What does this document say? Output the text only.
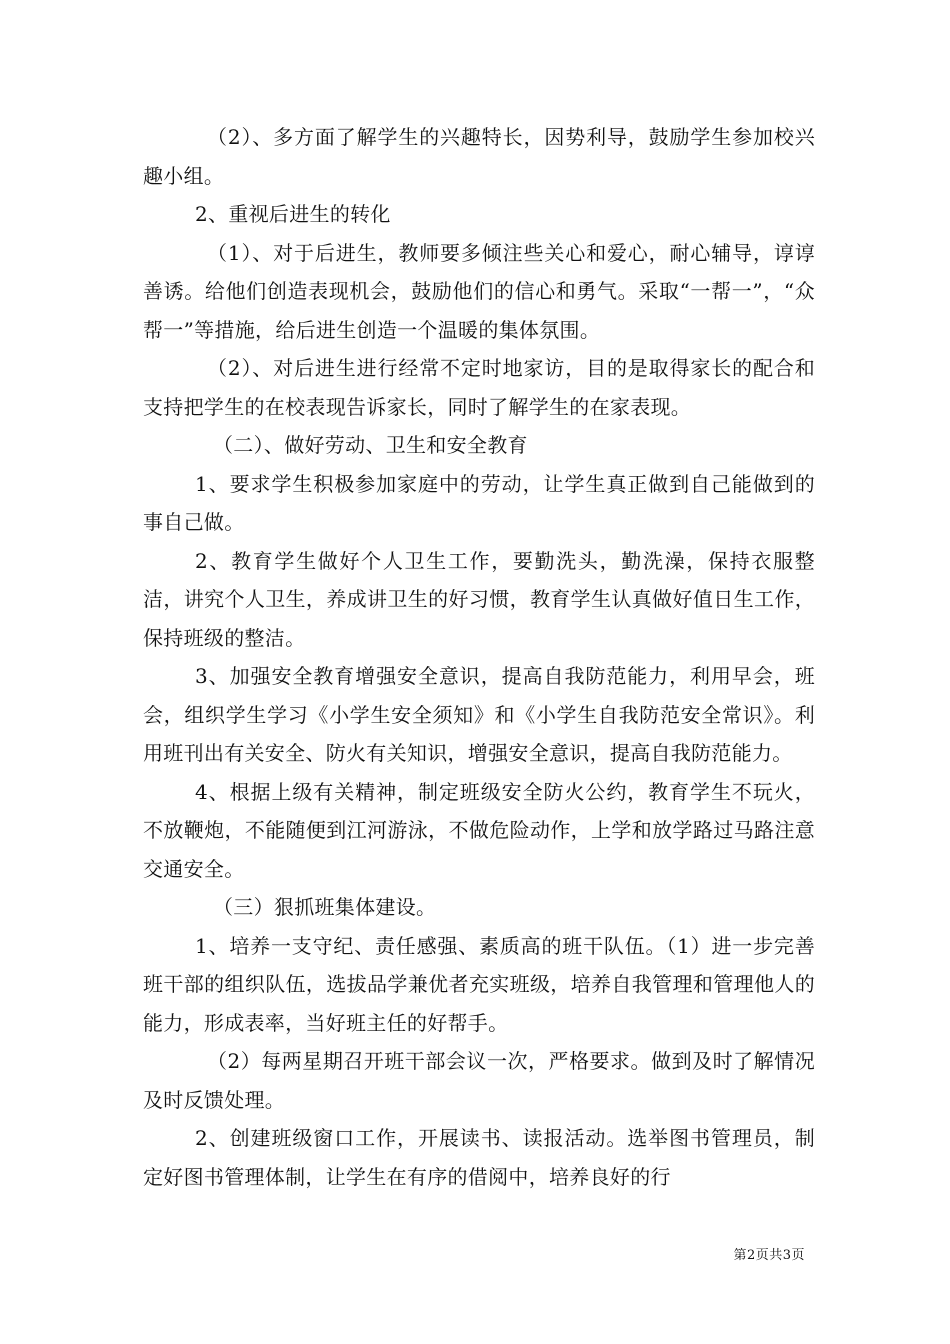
（2）、多方面了解学生的兴趣特长，因势利导，鼓励学生参加校兴趣小组。

2、重视后进生的转化

（1）、对于后进生，教师要多倾注些关心和爱心，耐心辅导，谆谆善诱。给他们创造表现机会，鼓励他们的信心和勇气。采取“一帮一”，“众帮一”等措施，给后进生创造一个温暖的集体氛围。

（2）、对后进生进行经常不定时地家访，目的是取得家长的配合和支持把学生的在校表现告诉家长，同时了解学生的在家表现。

（二）、做好劳动、卫生和安全教育

1、要求学生积极参加家庭中的劳动，让学生真正做到自己能做到的事自己做。

2、教育学生做好个人卫生工作，要勤洗头，勤洗澡，保持衣服整洁，讲究个人卫生，养成讲卫生的好习惯，教育学生认真做好值日生工作，保持班级的整洁。

3、加强安全教育增强安全意识，提高自我防范能力，利用早会，班会，组织学生学习《小学生安全须知》和《小学生自我防范安全常识》。利用班刊出有关安全、防火有关知识，增强安全意识，提高自我防范能力。

4、根据上级有关精神，制定班级安全防火公约，教育学生不玩火，不放鞭炮，不能随便到江河游泳，不做危险动作，上学和放学路过马路注意交通安全。

（三）狠抓班集体建设。

1、培养一支守纪、责任感强、素质高的班干队伍。（1）进一步完善班干部的组织队伍，选拔品学兼优者充实班级，培养自我管理和管理他人的能力，形成表率，当好班主任的好帮手。

（2）每两星期召开班干部会议一次，严格要求。做到及时了解情况及时反馈处理。

2、创建班级窗口工作，开展读书、读报活动。选举图书管理员，制定好图书管理体制，让学生在有序的借阅中，培养良好的行

第2页共3页
